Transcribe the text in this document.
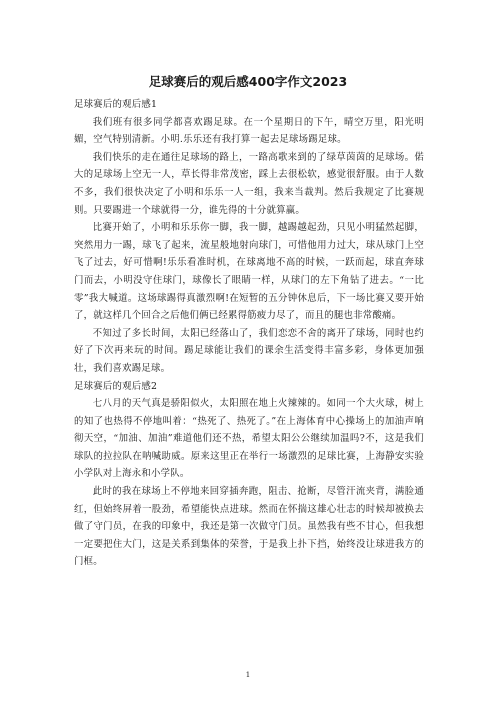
足球赛后的观后感400字作文2023

足球赛后的观后感1

我们班有很多同学都喜欢踢足球。在一个星期日的下午，晴空万里，阳光明媚，空气特别清新。小明.乐乐还有我打算一起去足球场踢足球。

我们快乐的走在通往足球场的路上，一路高歌来到的了绿草茵茵的足球场。偌大的足球场上空无一人，草长得非常茂密，踩上去很松软，感觉很舒服。由于人数不多，我们很快决定了小明和乐乐一人一组，我来当裁判。然后我规定了比赛规则。只要踢进一个球就得一分，谁先得的十分就算赢。

比赛开始了，小明和乐乐你一脚，我一脚，越踢越起劲，只见小明猛然起脚，突然用力一踢，球飞了起来，流星般地射向球门，可惜他用力过大，球从球门上空飞了过去，好可惜啊!乐乐看准时机，在球离地不高的时候，一跃而起，球直奔球门而去，小明没守住球门，球像长了眼睛一样，从球门的左下角钻了进去。“一比零”我大喊道。这场球踢得真激烈啊!在短暂的五分钟休息后，下一场比赛又要开始了，就这样几个回合之后他们俩已经累得筋疲力尽了，而且的腿也非常酸痛。

不知过了多长时间，太阳已经落山了，我们恋恋不舍的离开了球场，同时也约好了下次再来玩的时间。踢足球能让我们的课余生活变得丰富多彩，身体更加强壮，我们喜欢踢足球。

足球赛后的观后感2

七八月的天气真是骄阳似火，太阳照在地上火辣辣的。如同一个大火球，树上的知了也热得不停地叫着：“热死了、热死了。”在上海体育中心操场上的加油声响彻天空，“加油、加油”难道他们还不热，希望太阳公公继续加温吗?不，这是我们球队的拉拉队在呐喊助威。原来这里正在举行一场激烈的足球比赛，上海静安实验小学队对上海永和小学队。

此时的我在球场上不停地来回穿插奔跑，阻击、抢断，尽管汗流夹背，满脸通红，但始终屏着一股劲，希望能快点进球。然而在怀揣这雄心壮志的时候却被换去做了守门员，在我的印象中，我还是第一次做守门员。虽然我有些不甘心，但我想一定要把住大门，这是关系到集体的荣誉，于是我上扑下挡，始终没让球进我方的门框。

1
